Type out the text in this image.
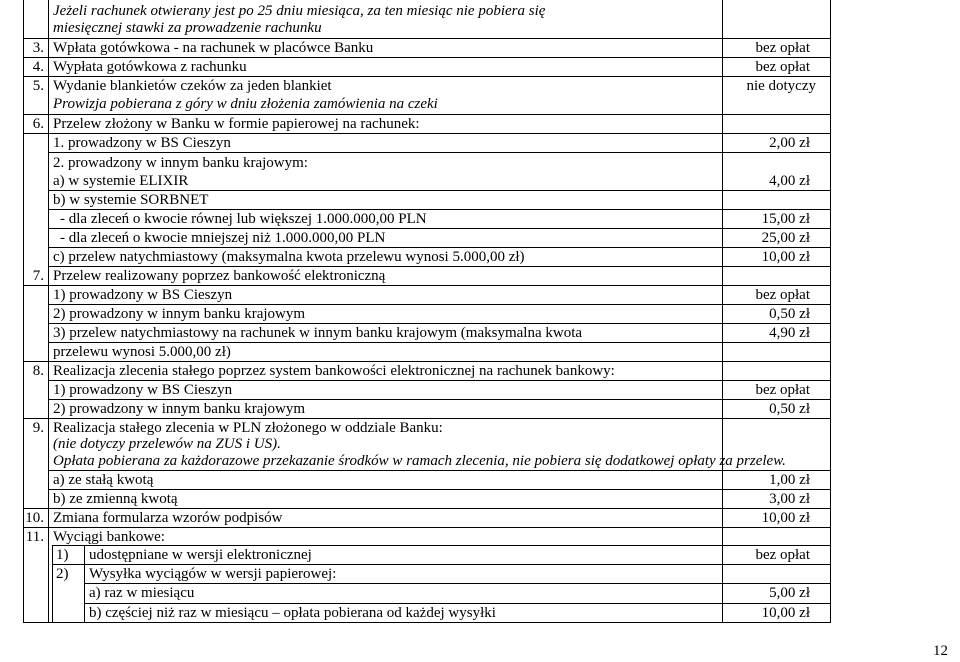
Jeżeli rachunek otwierany jest po 25 dniu miesiąca, za ten miesiąc nie pobiera się
miesięcznej stawki za prowadzenie rachunku
3. Wpłata gotówkowa - na rachunek w placówce Banku	bez opłat
4. Wypłata gotówkowa z rachunku	bez opłat
5. Wydanie blankietów czeków za jeden blankiet
Prowizja pobierana z góry w dniu złożenia zamówienia na czeki
nie dotyczy
6. Przelew złożony w Banku w formie papierowej na rachunek:
1. prowadzony w BS Cieszyn	2,00 zł
2. prowadzony w innym banku krajowym:
a) w systemie ELIXIR	4,00 zł
b) w systemie SORBNET
- dla zleceń o kwocie równej lub większej 1.000.000,00 PLN	15,00 zł
- dla zleceń o kwocie mniejszej niż 1.000.000,00 PLN	25,00 zł
c) przelew natychmiastowy (maksymalna kwota przelewu wynosi 5.000,00 zł)	10,00 zł
7. Przelew realizowany poprzez bankowość elektroniczną
1) prowadzony w BS Cieszyn	bez opłat
2) prowadzony w innym banku krajowym	0,50 zł
3) przelew natychmiastowy na rachunek w innym banku krajowym (maksymalna kwota
przelewu wynosi 5.000,00 zł)
4,90 zł
8. Realizacja zlecenia stałego poprzez system bankowości elektronicznej na rachunek bankowy:
1) prowadzony w BS Cieszyn	bez opłat
2) prowadzony w innym banku krajowym	0,50 zł
9. Realizacja stałego zlecenia w PLN złożonego w oddziale Banku:
(nie dotyczy przelewów na ZUS i US).
Opłata pobierana za każdorazowe przekazanie środków w ramach zlecenia, nie pobiera się dodatkowej opłaty za przelew.
a) ze stałą kwotą	1,00 zł
b) ze zmienną kwotą	3,00 zł
10. Zmiana formularza wzorów podpisów	10,00 zł
11. Wyciągi bankowe:
1) udostępniane w wersji elektronicznej	bez opłat
2) Wysyłka wyciągów w wersji papierowej:
a) raz w miesiącu	5,00 zł
b) częściej niż raz w miesiącu – opłata pobierana od każdej wysyłki	10,00 zł
12
